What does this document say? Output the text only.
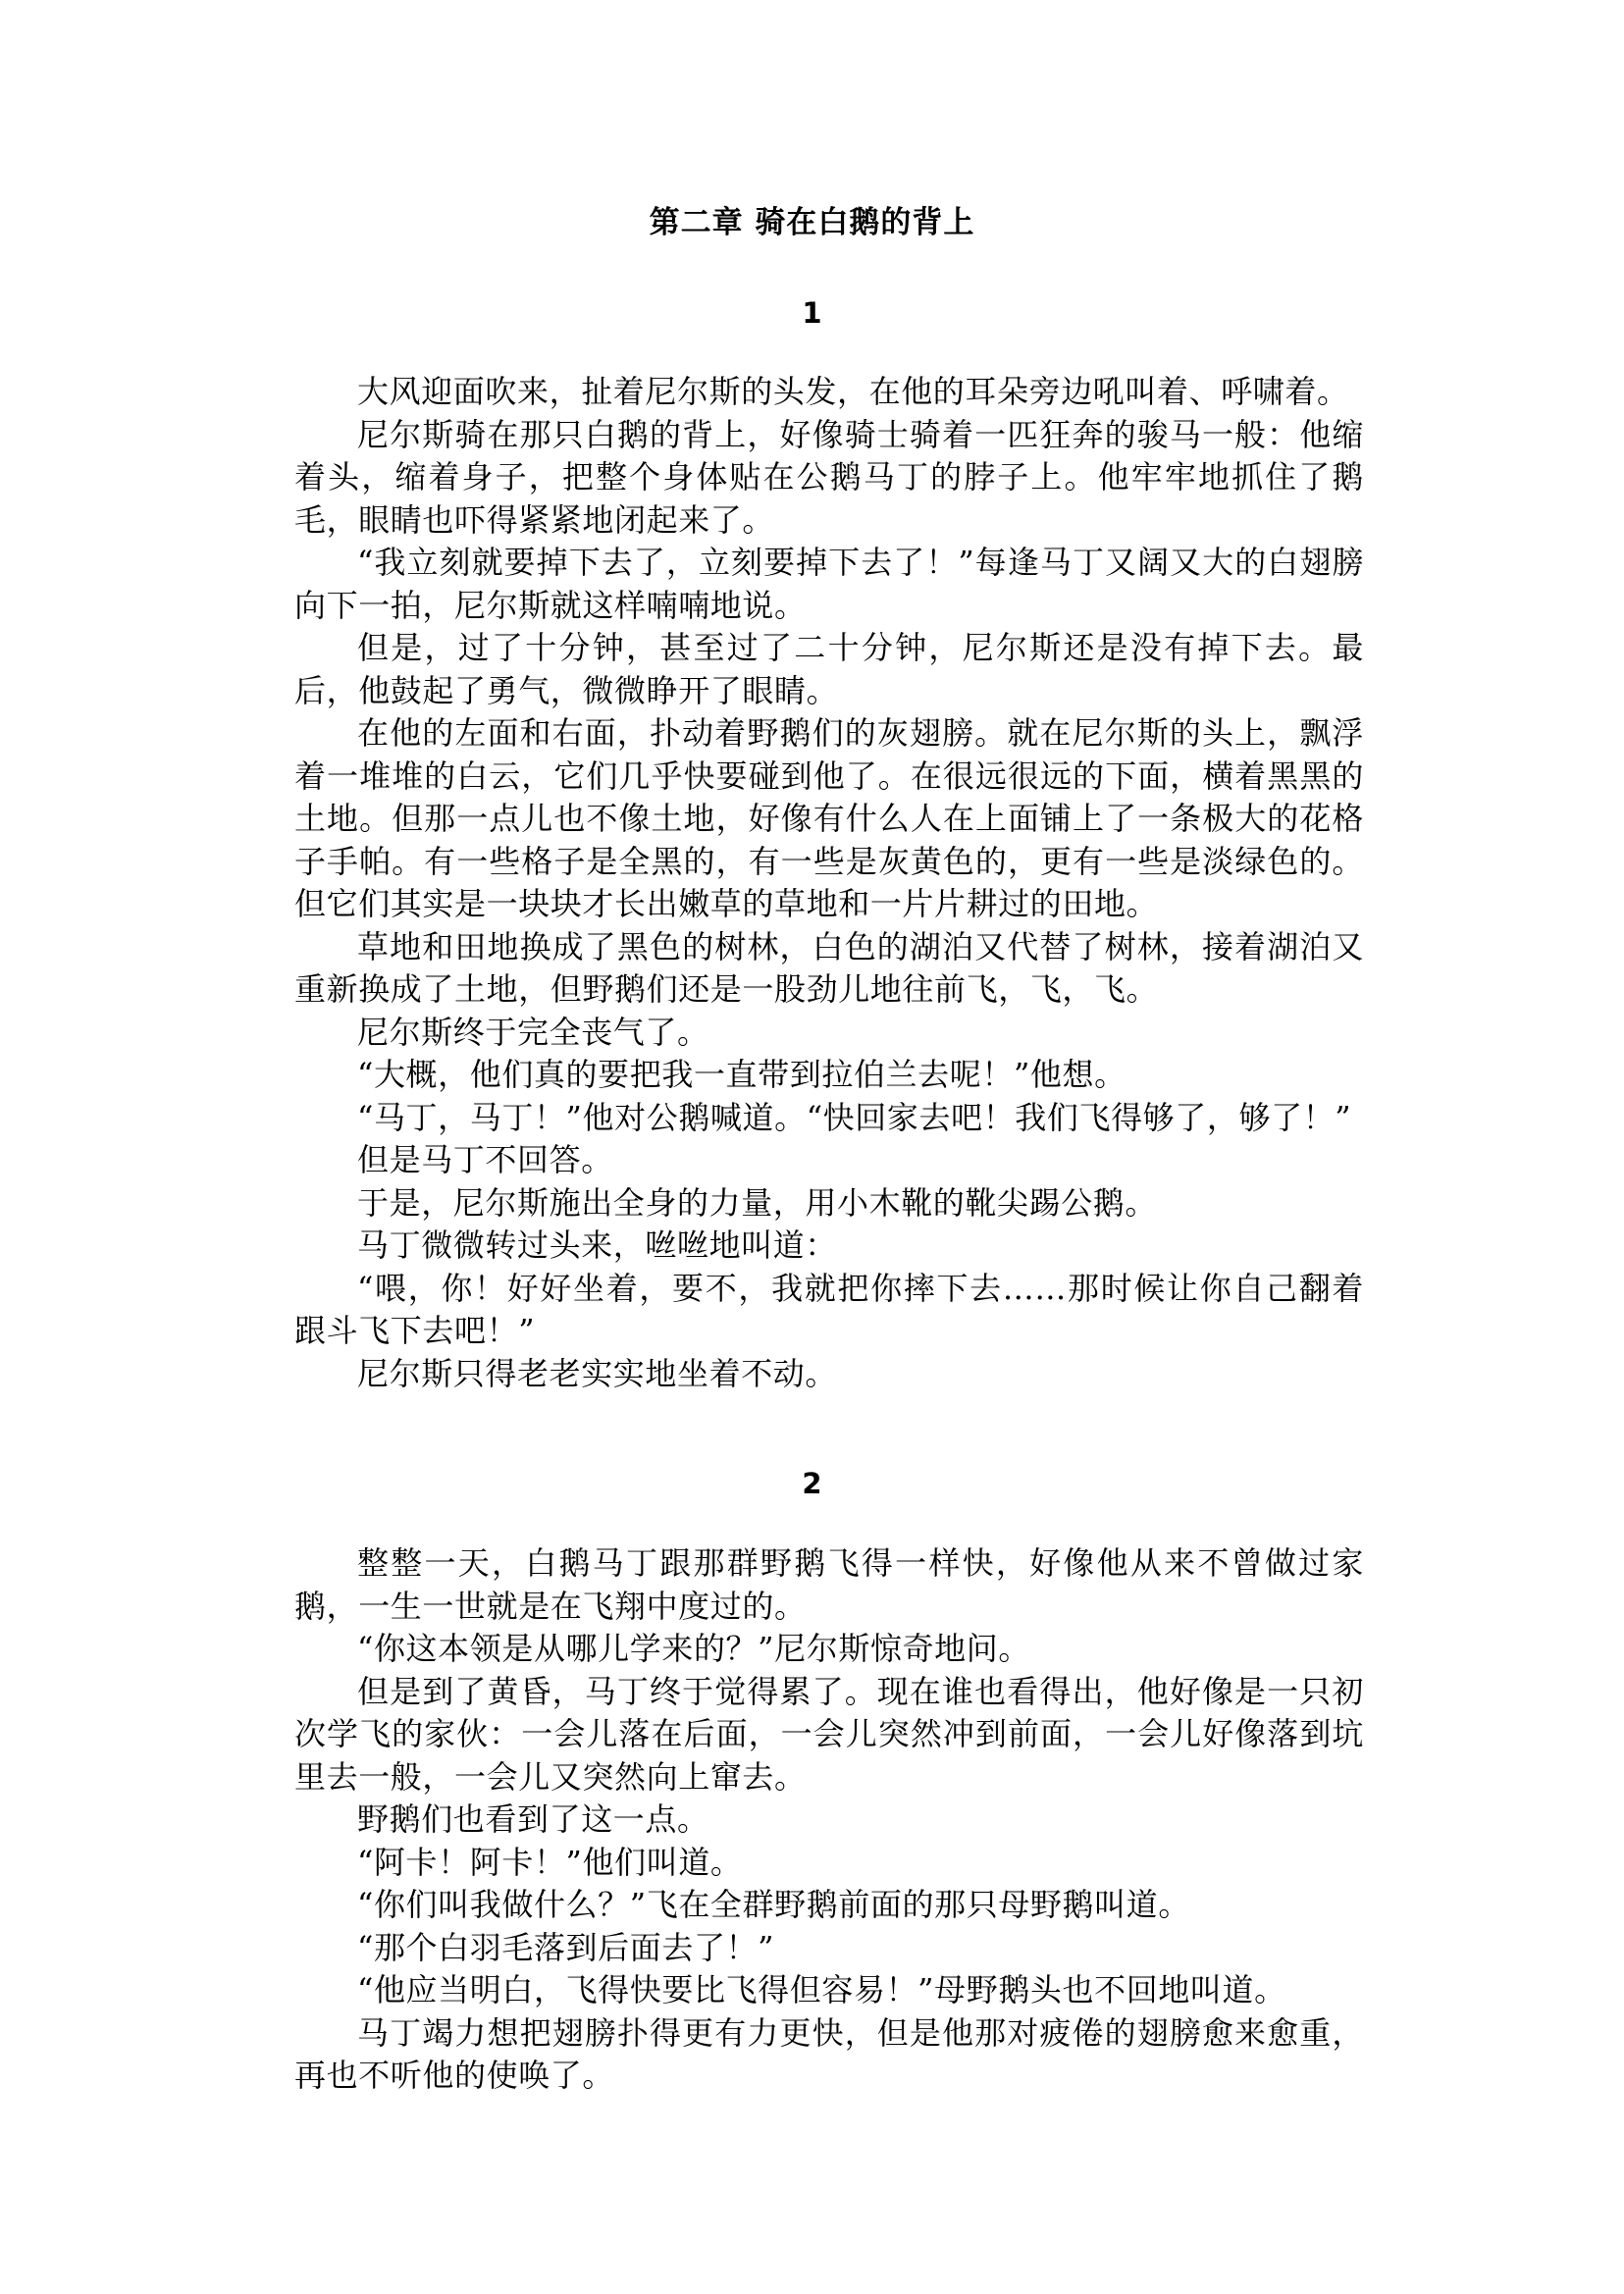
第二章 骑在白鹅的背上
1

大风迎面吹来，扯着尼尔斯的头发，在他的耳朵旁边吼叫着、呼啸着。

尼尔斯骑在那只白鹅的背上，好像骑士骑着一匹狂奔的骏马一般：他缩着头，缩着身子，把整个身体贴在公鹅马丁的脖子上。他牢牢地抓住了鹅毛，眼睛也吓得紧紧地闭起来了。

“我立刻就要掉下去了，立刻要掉下去了！”每逢马丁又阔又大的白翅膀向下一拍，尼尔斯就这样喃喃地说。

但是，过了十分钟，甚至过了二十分钟，尼尔斯还是没有掉下去。最后，他鼓起了勇气，微微睁开了眼睛。

在他的左面和右面，扑动着野鹅们的灰翅膀。就在尼尔斯的头上，飘浮着一堆堆的白云，它们几乎快要碰到他了。在很远很远的下面，横着黑黑的土地。但那一点儿也不像土地，好像有什么人在上面铺上了一条极大的花格子手帕。有一些格子是全黑的，有一些是灰黄色的，更有一些是淡绿色的。但它们其实是一块块才长出嫩草的草地和一片片耕过的田地。

草地和田地换成了黑色的树林，白色的湖泊又代替了树林，接着湖泊又重新换成了土地，但野鹅们还是一股劲儿地往前飞，飞，飞。

尼尔斯终于完全丧气了。

“大概，他们真的要把我一直带到拉伯兰去呢！”他想。

“马丁，马丁！”他对公鹅喊道。“快回家去吧！我们飞得够了，够了！”

但是马丁不回答。

于是，尼尔斯施出全身的力量，用小木靴的靴尖踢公鹅。

马丁微微转过头来，咝咝地叫道：

“喂，你！好好坐着，要不，我就把你摔下去……那时候让你自己翻着跟斗飞下去吧！”

尼尔斯只得老老实实地坐着不动。

2

整整一天，白鹅马丁跟那群野鹅飞得一样快，好像他从来不曾做过家鹅，一生一世就是在飞翔中度过的。

“你这本领是从哪儿学来的？”尼尔斯惊奇地问。

但是到了黄昏，马丁终于觉得累了。现在谁也看得出，他好像是一只初次学飞的家伙：一会儿落在后面，一会儿突然冲到前面，一会儿好像落到坑里去一般，一会儿又突然向上窜去。

野鹅们也看到了这一点。

“阿卡！阿卡！”他们叫道。

“你们叫我做什么？”飞在全群野鹅前面的那只母野鹅叫道。

“那个白羽毛落到后面去了！”

“他应当明白，飞得快要比飞得但容易！”母野鹅头也不回地叫道。

马丁竭力想把翅膀扑得更有力更快，但是他那对疲倦的翅膀愈来愈重，再也不听他的使唤了。
